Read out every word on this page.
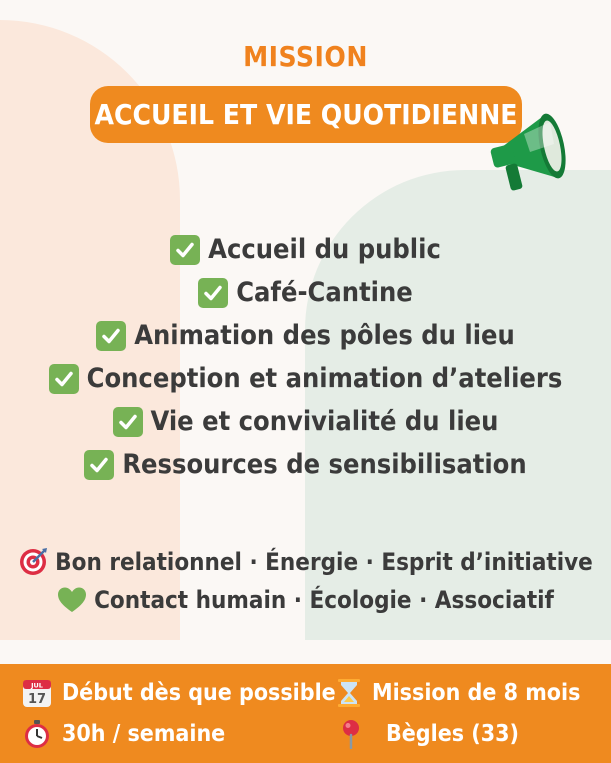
MISSION
ACCUEIL ET VIE QUOTIDIENNE
Accueil du public
Café-Cantine
Animation des pôles du lieu
Conception et animation d’ateliers
Vie et convivialité du lieu
Ressources de sensibilisation
Bon relationnel · Énergie · Esprit d’initiative
Contact humain · Écologie · Associatif
JUL
17 Début dès que possible Mission de 8 mois
30h / semaine	Bègles (33)
